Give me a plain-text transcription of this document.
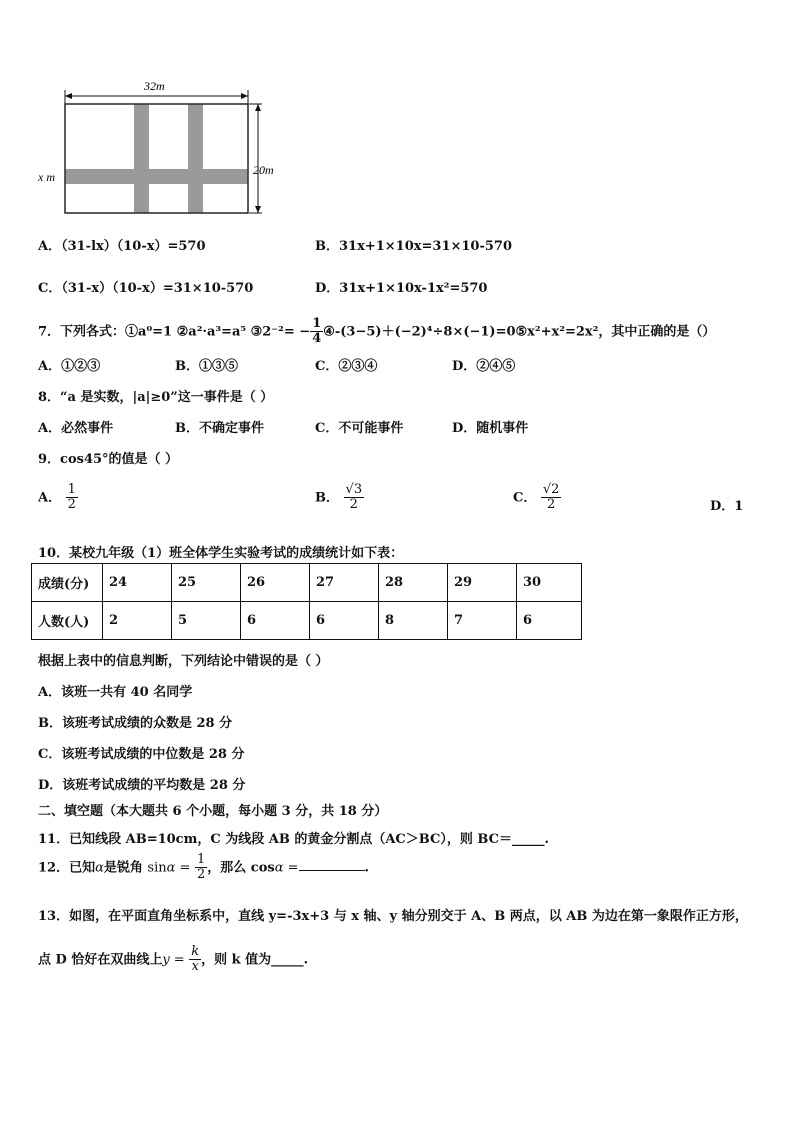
32m
20m
x m
A．（31-lx）（10-x）=570	B．31x+1×10x=31×10-570
C．（31-x）（10-x）=31×10-570	D．31x+1×10x-1x²=570
7．下列各式：①a⁰=1 ②a²·a³=a⁵ ③2⁻²= − $\frac{1}{4}$ ④-(3−5)＋(−2)⁴÷8×(−1)=0⑤x²+x²=2x²，其中正确的是（）
A．①②③	B．①③⑤	C．②③④	D．②④⑤
8．“a 是实数，|a|≥0”这一事件是（ ）
A．必然事件	B．不确定事件	C．不可能事件	D．随机事件
9．cos45°的值是（ ）
A． $\frac{1}{2}$	B． $\frac{√3}{2}$	C． $\frac{√2}{2}$	D．1
10．某校九年级（1）班全体学生实验考试的成绩统计如下表：
成绩(分)	24	25	26	27	28	29	30
人数(人)	2	5	6	6	8	7	6
根据上表中的信息判断，下列结论中错误的是（ ）
A．该班一共有 40 名同学
B．该班考试成绩的众数是 28 分
C．该班考试成绩的中位数是 28 分
D．该班考试成绩的平均数是 28 分
二、填空题（本大题共 6 个小题，每小题 3 分，共 18 分）
11．已知线段 AB=10cm，C 为线段 AB 的黄金分割点（AC＞BC），则 BC＝_____.
12．已知α是锐角 $\sin\alpha = \frac{1}{2}$ ，那么 cosα =	.
13．如图，在平面直角坐标系中，直线 y=-3x+3 与 x 轴、y 轴分别交于 A、B 两点，以 AB 为边在第一象限作正方形，
点 D 恰好在双曲线上$y = \frac{k}{x}$ ，则 k 值为_____.
